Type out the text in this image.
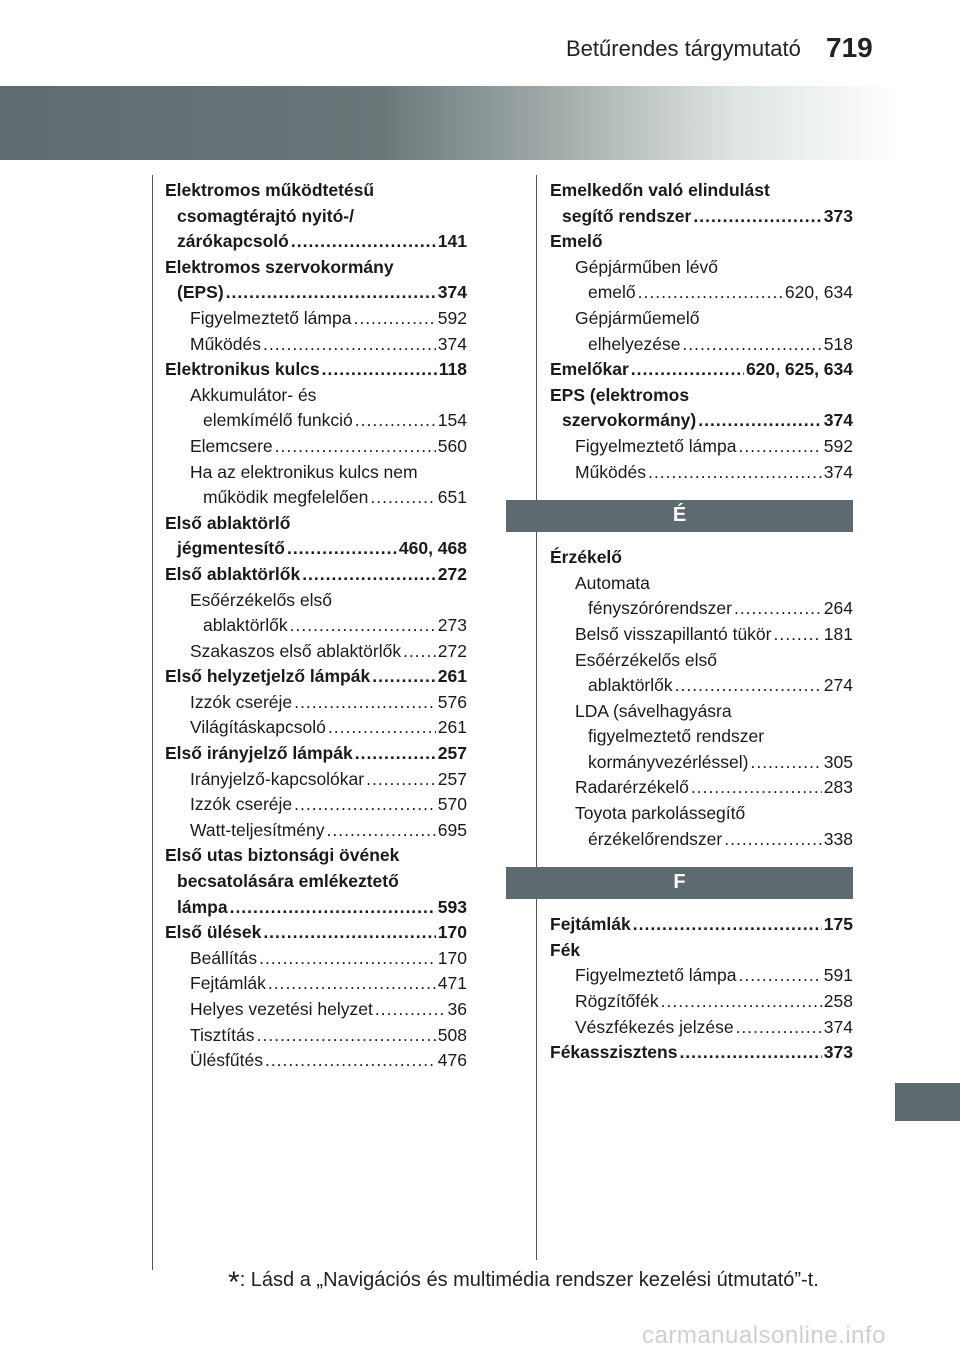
Betűrendes tárgymutató 719
Elektromos működtetésű
csomagtérajtó nyitó-/
zárókapcsoló .....	141
Elektromos szervokormány
(EPS) .....	374
Figyelmeztető lámpa .....	592
Működés .....	374
Elektronikus kulcs .....	118
Akkumulátor- és
elemkímélő funkció .....	154
Elemcsere .....	560
Ha az elektronikus kulcs nem
működik megfelelően .....	651
Első ablaktörlő
jégmentesítő .....	460, 468
Első ablaktörlők .....	272
Esőérzékelős első
ablaktörlők .....	273
Szakaszos első ablaktörlők ..... 272
Első helyzetjelző lámpák .....	261
Izzók cseréje .....	576
Világításkapcsoló .....	261
Első irányjelző lámpák .....	257
Irányjelző-kapcsolókar .....	257
Izzók cseréje .....	570
Watt-teljesítmény .....	695
Első utas biztonsági övének
becsatolására emlékeztető
lámpa .....	593
Első ülések .....	170
Beállítás .....	170
Fejtámlák .....	471
Helyes vezetési helyzet .....	36
Tisztítás .....	508
Ülésfűtés .....	476
Emelkedőn való elindulást
segítő rendszer .....	373
Emelő
Gépjárműben lévő
emelő .....	620, 634
Gépjárműemelő
elhelyezése .....	518
Emelőkar .....	620, 625, 634
EPS (elektromos
szervokormány) .....	374
Figyelmeztető lámpa .....	592
Működés .....	374
É
Érzékelő
Automata
fényszórórendszer .....	264
Belső visszapillantó tükör .....	181
Esőérzékelős első
ablaktörlők .....	274
LDA (sávelhagyásra
figyelmeztető rendszer
kormányvezérléssel) .....	305
Radarérzékelő .....	283
Toyota parkolássegítő
érzékelőrendszer .....	338
F
Fejtámlák .....	175
Fék
Figyelmeztető lámpa .....	591
Rögzítőfék .....	258
Vészfékezés jelzése .....	374
Fékasszisztens .....	373
*: Lásd a „Navigációs és multimédia rendszer kezelési útmutató”-t.
carmanualsonline.info
